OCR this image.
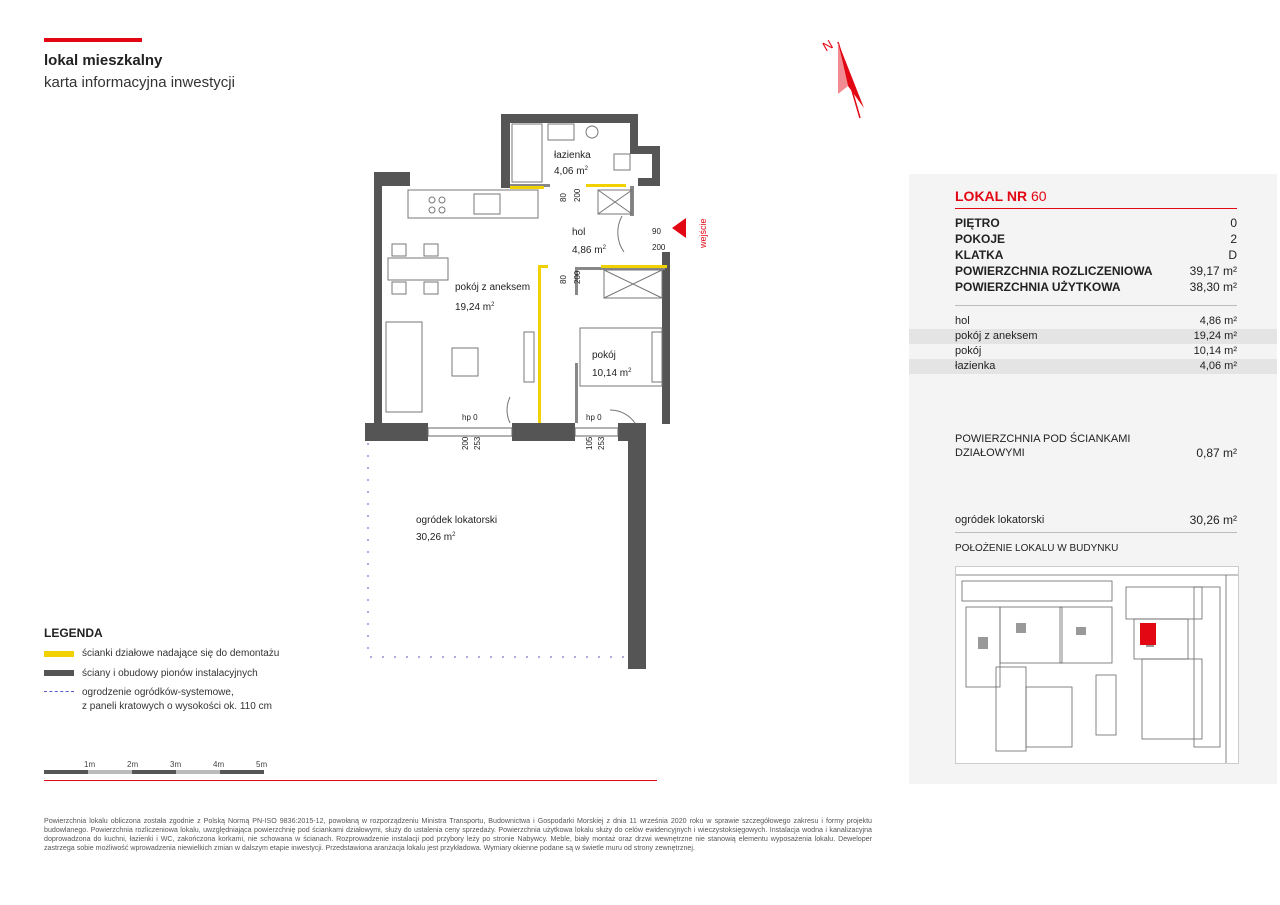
lokal mieszkalny
karta informacyjna inwestycji
N
łazienka
4,06 $m^2$
hol
4,86 $m^2$
pokój z aneksem
19,24 $m^2$
pokój
10,14 $m^2$
ogródek lokatorski
30,26 $m^2$
80 200
90
200
80 200
hp 0
200 253
hp 0
105 253
wejście
LEGENDA
ścianki działowe nadające się do demontażu
ściany i obudowy pionów instalacyjnych
ogrodzenie ogródków-systemowe,
z paneli kratowych o wysokości ok. 110 cm
1m	2m	3m	4m	5m
Powierzchnia lokalu obliczona została zgodnie z Polską Normą PN-ISO 9836:2015-12, powołaną w rozporządzeniu Ministra Transportu, Budownictwa i Gospodarki Morskiej z dnia 11 września 2020 roku w sprawie szczegółowego zakresu i formy projektu budowlanego. Powierzchnia rozliczeniowa lokalu, uwzględniająca powierzchnię pod ściankami działowymi, służy do ustalenia ceny sprzedaży. Powierzchnia użytkowa lokalu służy do celów ewidencyjnych i wieczystoksięgowych. Instalacja wodna i kanalizacyjna doprowadzona do kuchni, łazienki i WC, zakończona korkami, nie schowana w ścianach. Rozprowadzenie instalacji pod przybory leży po stronie Nabywcy. Meble, biały montaż oraz drzwi wewnętrzne nie stanowią elementu wyposażenia lokalu. Deweloper zastrzega sobie możliwość wprowadzenia niewielkich zmian w dalszym etapie inwestycji. Przedstawiona aranżacja lokalu jest przykładowa. Wymiary okienne podane są w świetle muru od strony zewnętrznej.
LOKAL NR 60
PIĘTRO	0
POKOJE	2
KLATKA	D
POWIERZCHNIA ROZLICZENIOWA	39,17 m²
POWIERZCHNIA UŻYTKOWA	38,30 m²
hol	4,86 m²
pokój z aneksem	19,24 m²
pokój	10,14 m²
łazienka	4,06 m²
POWIERZCHNIA POD ŚCIANKAMI
DZIAŁOWYMI	0,87 m²
ogródek lokatorski	30,26 m²
POŁOŻENIE LOKALU W BUDYNKU
